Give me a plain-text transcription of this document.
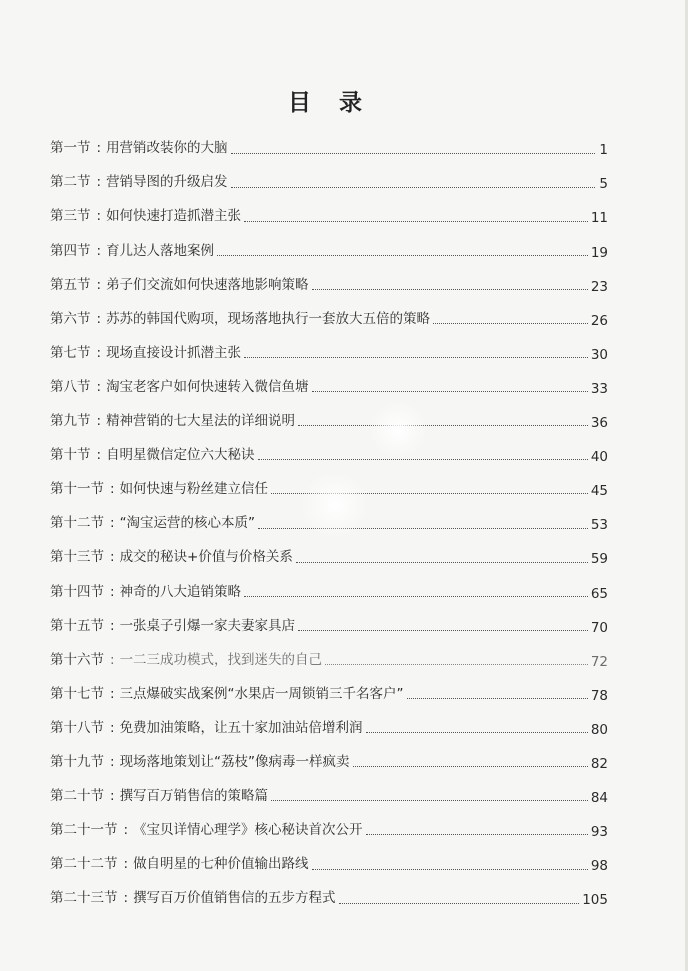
目 录
第一节 : 用营销改装你的大脑	1
第二节 : 营销导图的升级启发	5
第三节 : 如何快速打造抓潜主张	11
第四节 : 育儿达人落地案例	19
第五节 : 弟子们交流如何快速落地影响策略	23
第六节 : 苏苏的韩国代购项，现场落地执行一套放大五倍的策略	26
第七节 : 现场直接设计抓潜主张	30
第八节 : 淘宝老客户如何快速转入微信鱼塘	33
第九节 : 精神营销的七大星法的详细说明	36
第十节 : 自明星微信定位六大秘诀	40
第十一节 : 如何快速与粉丝建立信任	45
第十二节 : “淘宝运营的核心本质”	53
第十三节 : 成交的秘诀+价值与价格关系	59
第十四节 : 神奇的八大追销策略	65
第十五节 : 一张桌子引爆一家夫妻家具店	70
第十六节 : 一二三成功模式，找到迷失的自己	72
第十七节 : 三点爆破实战案例“水果店一周锁销三千名客户”	78
第十八节 : 免费加油策略，让五十家加油站倍增利润	80
第十九节 : 现场落地策划让“荔枝”像病毒一样疯卖	82
第二十节 : 撰写百万销售信的策略篇	84
第二十一节 : 《宝贝详情心理学》核心秘诀首次公开	93
第二十二节 : 做自明星的七种价值输出路线	98
第二十三节 : 撰写百万价值销售信的五步方程式	105
